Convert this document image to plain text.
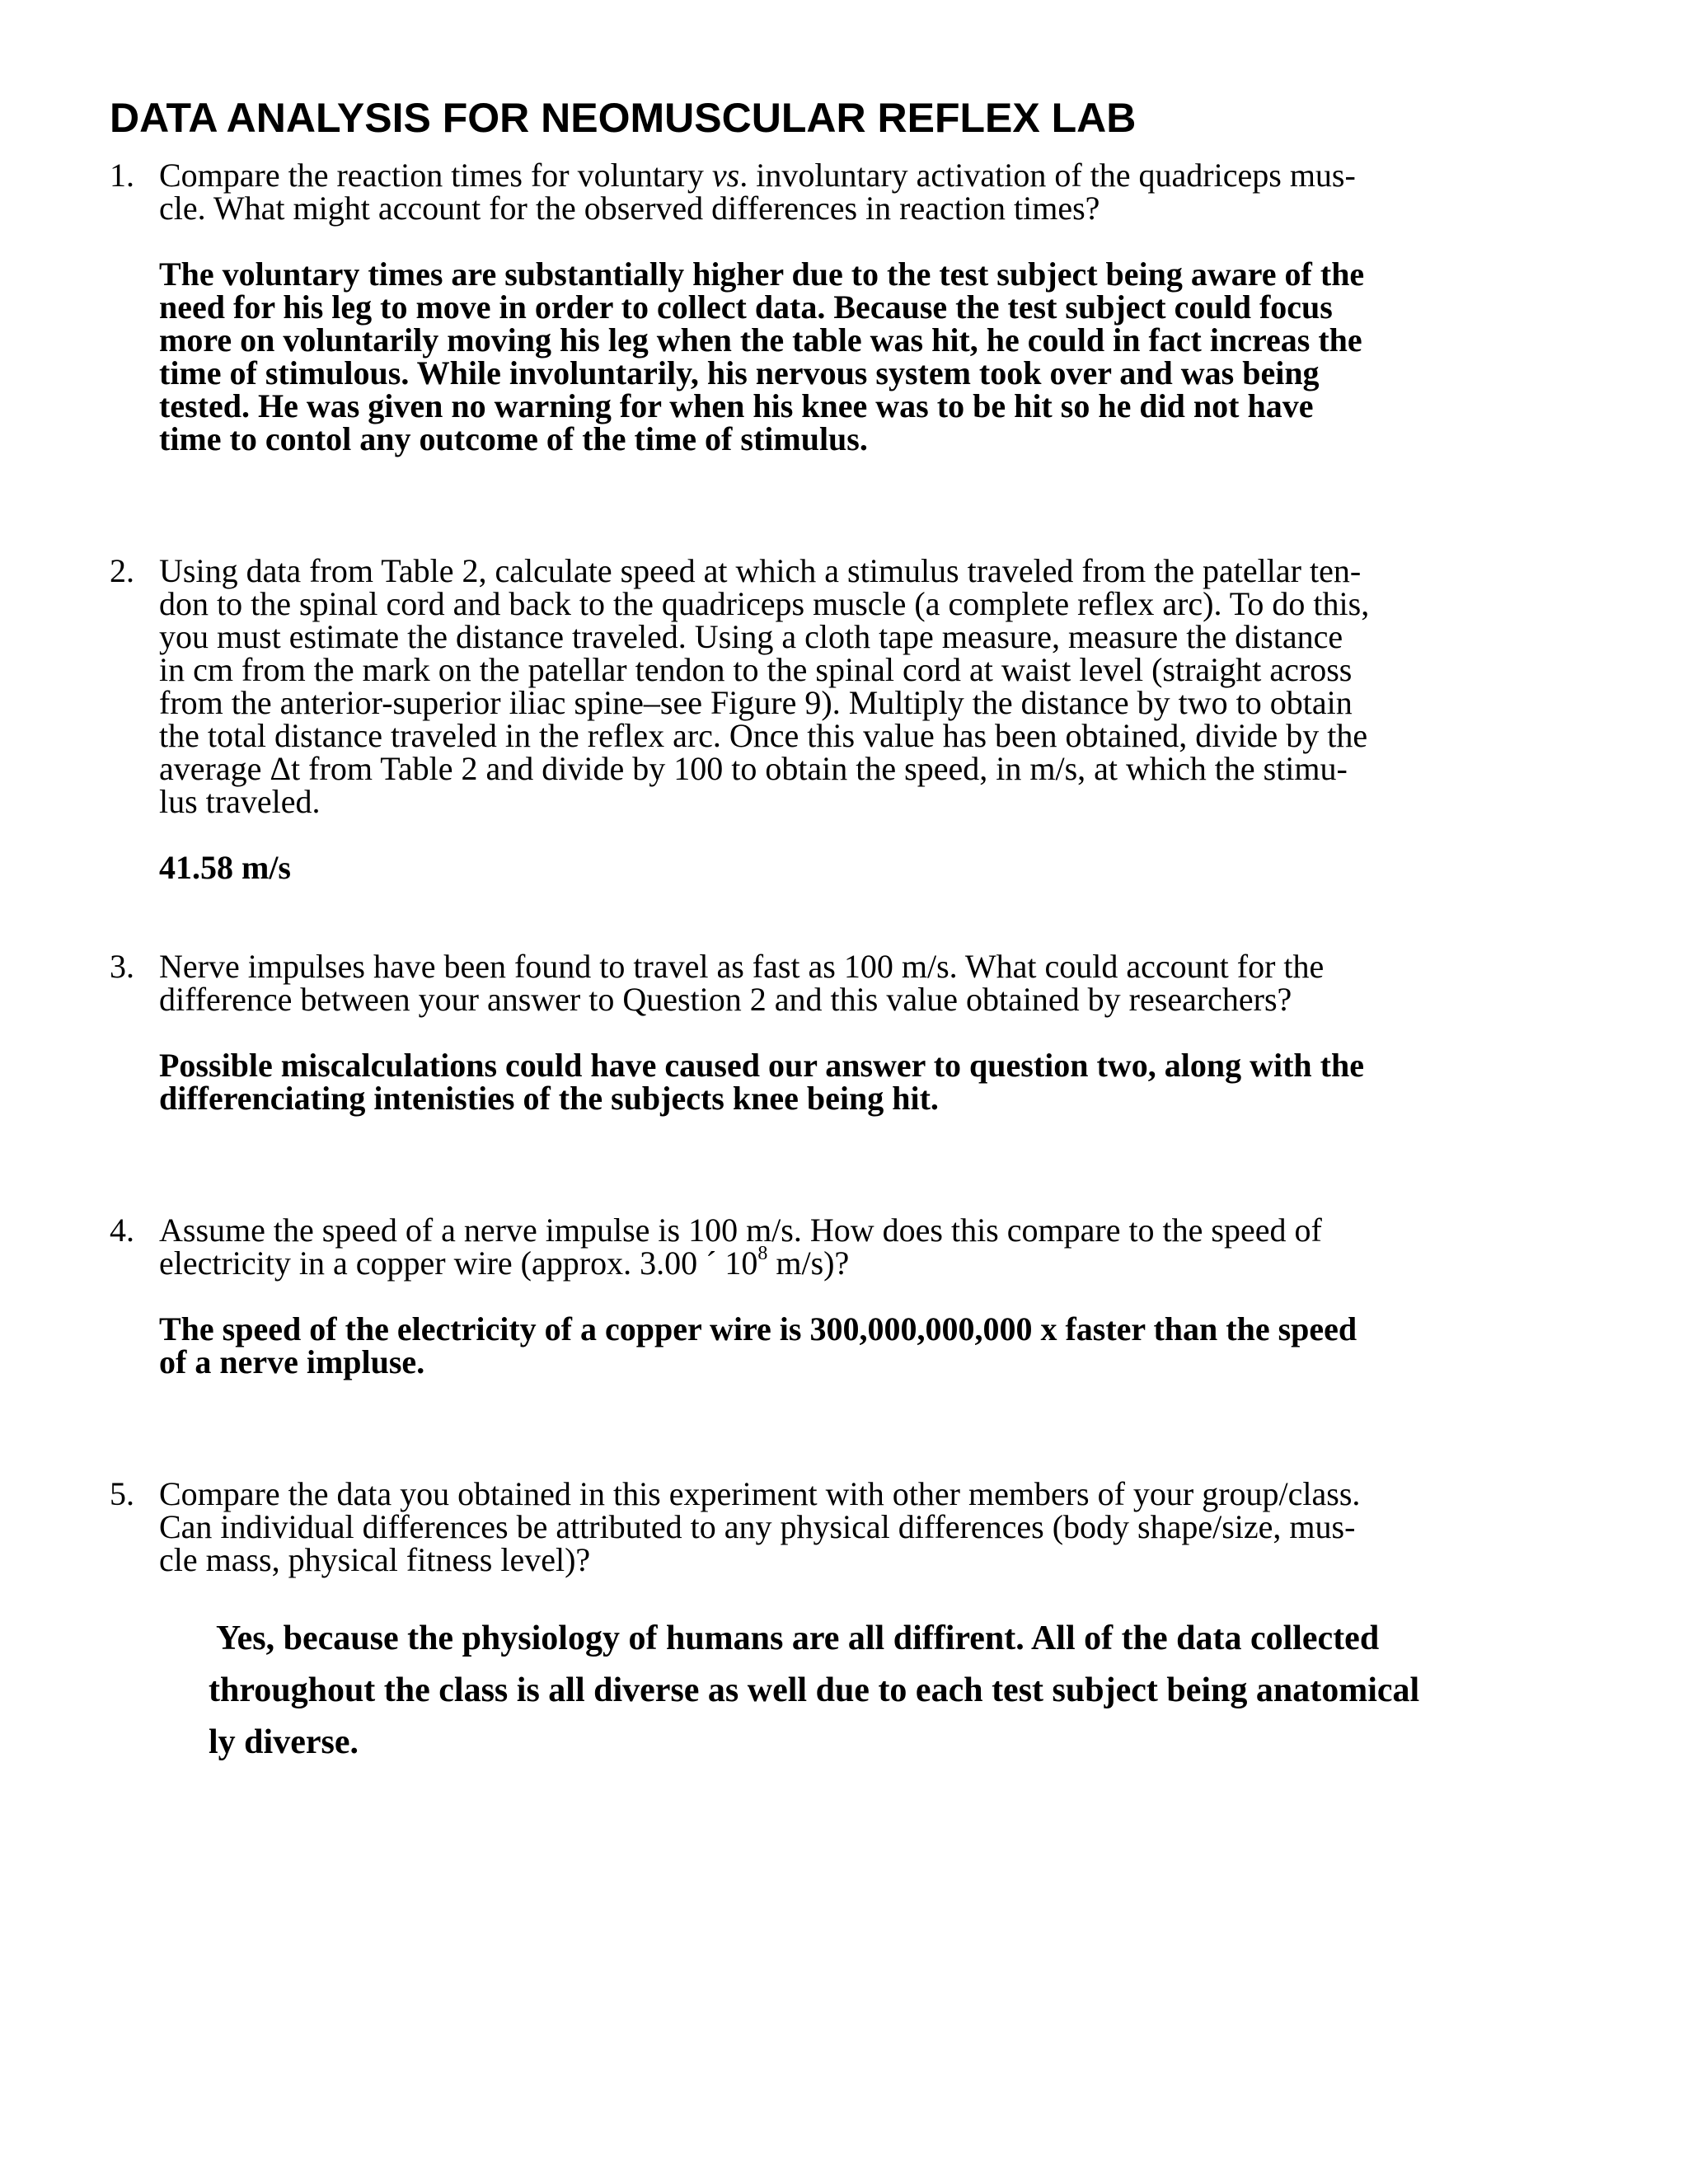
DATA ANALYSIS FOR NEOMUSCULAR REFLEX LAB
1. Compare the reaction times for voluntary vs. involuntary activation of the quadriceps mus-
cle. What might account for the observed differences in reaction times?
The voluntary times are substantially higher due to the test subject being aware of the
need for his leg to move in order to collect data. Because the test subject could focus
more on voluntarily moving his leg when the table was hit, he could in fact increas the
time of stimulous. While involuntarily, his nervous system took over and was being
tested. He was given no warning for when his knee was to be hit so he did not have
time to contol any outcome of the time of stimulus.
2. Using data from Table 2, calculate speed at which a stimulus traveled from the patellar ten-
don to the spinal cord and back to the quadriceps muscle (a complete reflex arc). To do this,
you must estimate the distance traveled. Using a cloth tape measure, measure the distance
in cm from the mark on the patellar tendon to the spinal cord at waist level (straight across
from the anterior-superior iliac spine–see Figure 9). Multiply the distance by two to obtain
the total distance traveled in the reflex arc. Once this value has been obtained, divide by the
average Δt from Table 2 and divide by 100 to obtain the speed, in m/s, at which the stimu-
lus traveled.
41.58 m/s
3. Nerve impulses have been found to travel as fast as 100 m/s. What could account for the
difference between your answer to Question 2 and this value obtained by researchers?
Possible miscalculations could have caused our answer to question two, along with the
differenciating intenisties of the subjects knee being hit.
4. Assume the speed of a nerve impulse is 100 m/s. How does this compare to the speed of
electricity in a copper wire (approx. 3.00 ´ $10^8$ m/s)?
The speed of the electricity of a copper wire is 300,000,000,000 x faster than the speed
of a nerve impluse.
5. Compare the data you obtained in this experiment with other members of your group/class.
Can individual differences be attributed to any physical differences (body shape/size, mus-
cle mass, physical fitness level)?
Yes, because the physiology of humans are all diffirent. All of the data collected
throughout the class is all diverse as well due to each test subject being anatomical
ly diverse.
